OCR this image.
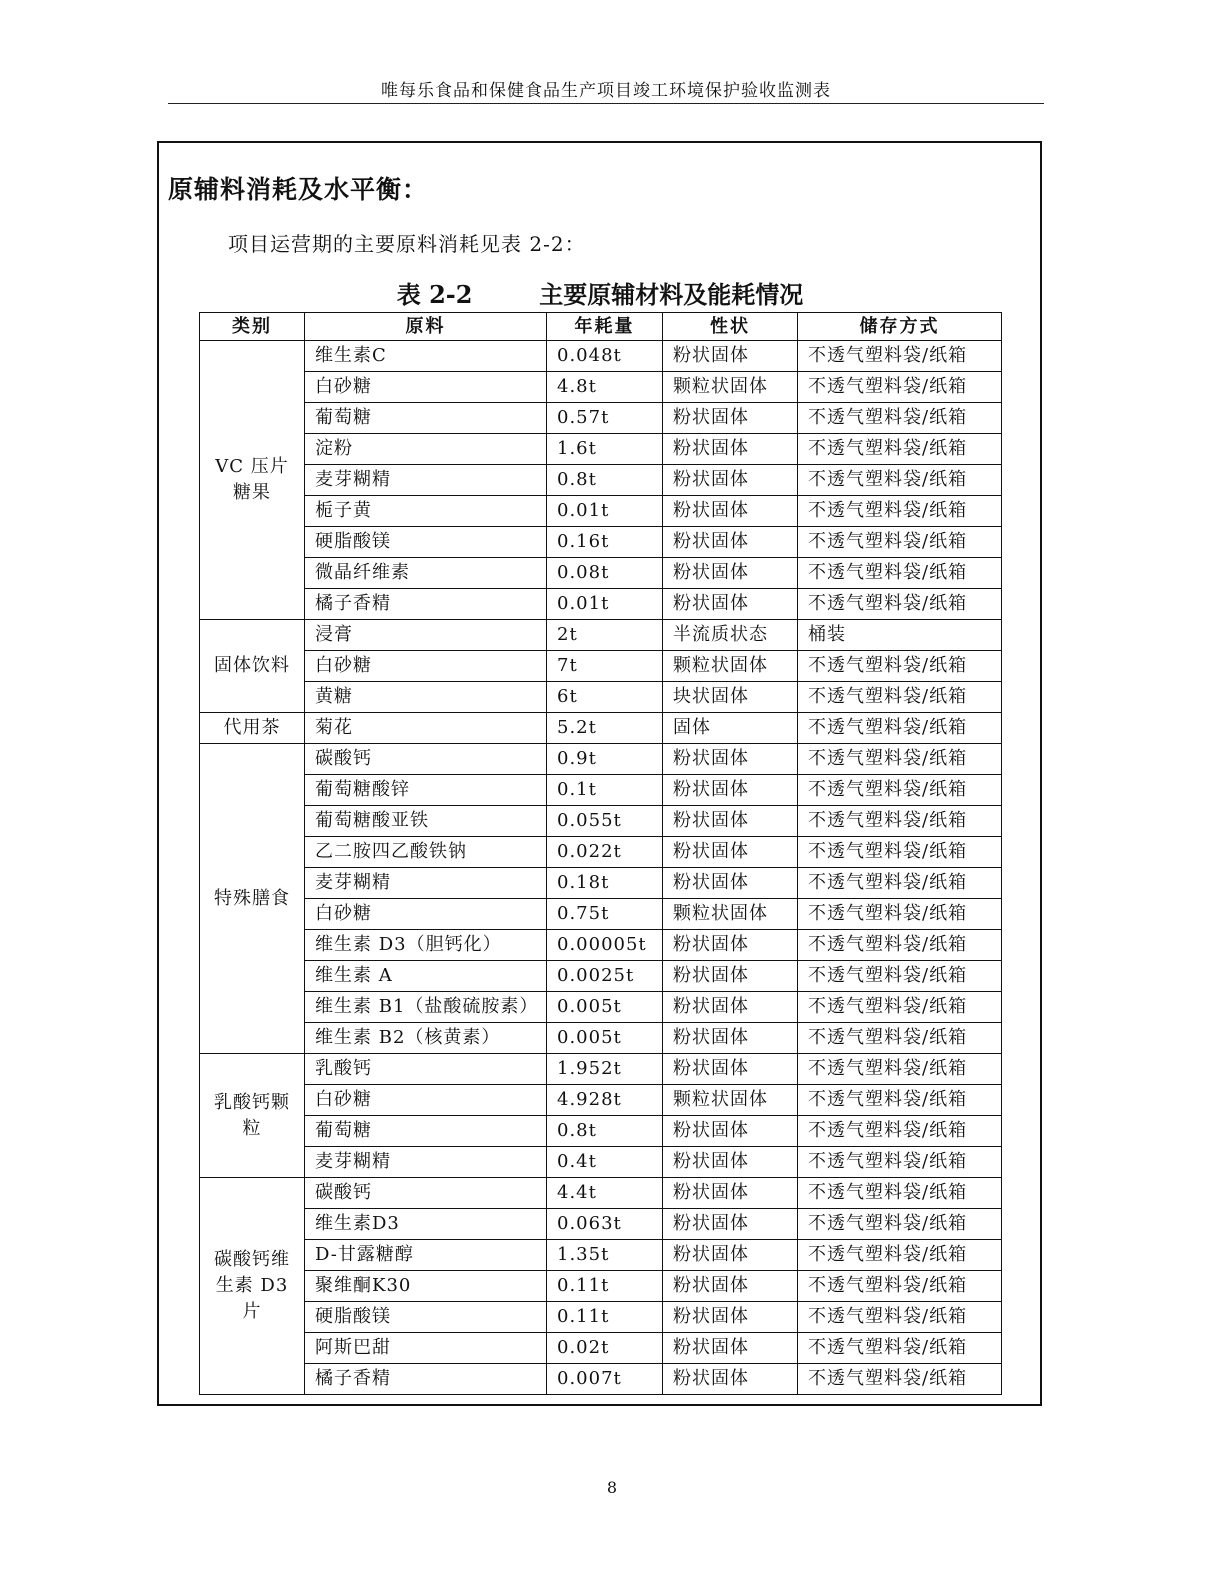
唯每乐食品和保健食品生产项目竣工环境保护验收监测表
原辅料消耗及水平衡：
项目运营期的主要原料消耗见表 2-2：
表 2-2        主要原辅材料及能耗情况
类别	原料	年耗量	性状	储存方式

VC 压片糖果	维生素C	0.048t	粉状固体	不透气塑料袋/纸箱
	白砂糖	4.8t	颗粒状固体	不透气塑料袋/纸箱
	葡萄糖	0.57t	粉状固体	不透气塑料袋/纸箱
	淀粉	1.6t	粉状固体	不透气塑料袋/纸箱
	麦芽糊精	0.8t	粉状固体	不透气塑料袋/纸箱
	栀子黄	0.01t	粉状固体	不透气塑料袋/纸箱
	硬脂酸镁	0.16t	粉状固体	不透气塑料袋/纸箱
	微晶纤维素	0.08t	粉状固体	不透气塑料袋/纸箱
	橘子香精	0.01t	粉状固体	不透气塑料袋/纸箱

固体饮料	浸膏	2t	半流质状态	桶装
	白砂糖	7t	颗粒状固体	不透气塑料袋/纸箱
	黄糖	6t	块状固体	不透气塑料袋/纸箱

代用茶	菊花	5.2t	固体	不透气塑料袋/纸箱

特殊膳食	碳酸钙	0.9t	粉状固体	不透气塑料袋/纸箱
	葡萄糖酸锌	0.1t	粉状固体	不透气塑料袋/纸箱
	葡萄糖酸亚铁	0.055t	粉状固体	不透气塑料袋/纸箱
	乙二胺四乙酸铁钠	0.022t	粉状固体	不透气塑料袋/纸箱
	麦芽糊精	0.18t	粉状固体	不透气塑料袋/纸箱
	白砂糖	0.75t	颗粒状固体	不透气塑料袋/纸箱
	维生素 D3（胆钙化）	0.00005t	粉状固体	不透气塑料袋/纸箱
	维生素 A	0.0025t	粉状固体	不透气塑料袋/纸箱
	维生素 B1（盐酸硫胺素）	0.005t	粉状固体	不透气塑料袋/纸箱
	维生素 B2（核黄素）	0.005t	粉状固体	不透气塑料袋/纸箱

乳酸钙颗粒	乳酸钙	1.952t	粉状固体	不透气塑料袋/纸箱
	白砂糖	4.928t	颗粒状固体	不透气塑料袋/纸箱
	葡萄糖	0.8t	粉状固体	不透气塑料袋/纸箱
	麦芽糊精	0.4t	粉状固体	不透气塑料袋/纸箱

碳酸钙维生素 D3 片	碳酸钙	4.4t	粉状固体	不透气塑料袋/纸箱
	维生素D3	0.063t	粉状固体	不透气塑料袋/纸箱
	D-甘露糖醇	1.35t	粉状固体	不透气塑料袋/纸箱
	聚维酮K30	0.11t	粉状固体	不透气塑料袋/纸箱
	硬脂酸镁	0.11t	粉状固体	不透气塑料袋/纸箱
	阿斯巴甜	0.02t	粉状固体	不透气塑料袋/纸箱
	橘子香精	0.007t	粉状固体	不透气塑料袋/纸箱
8
